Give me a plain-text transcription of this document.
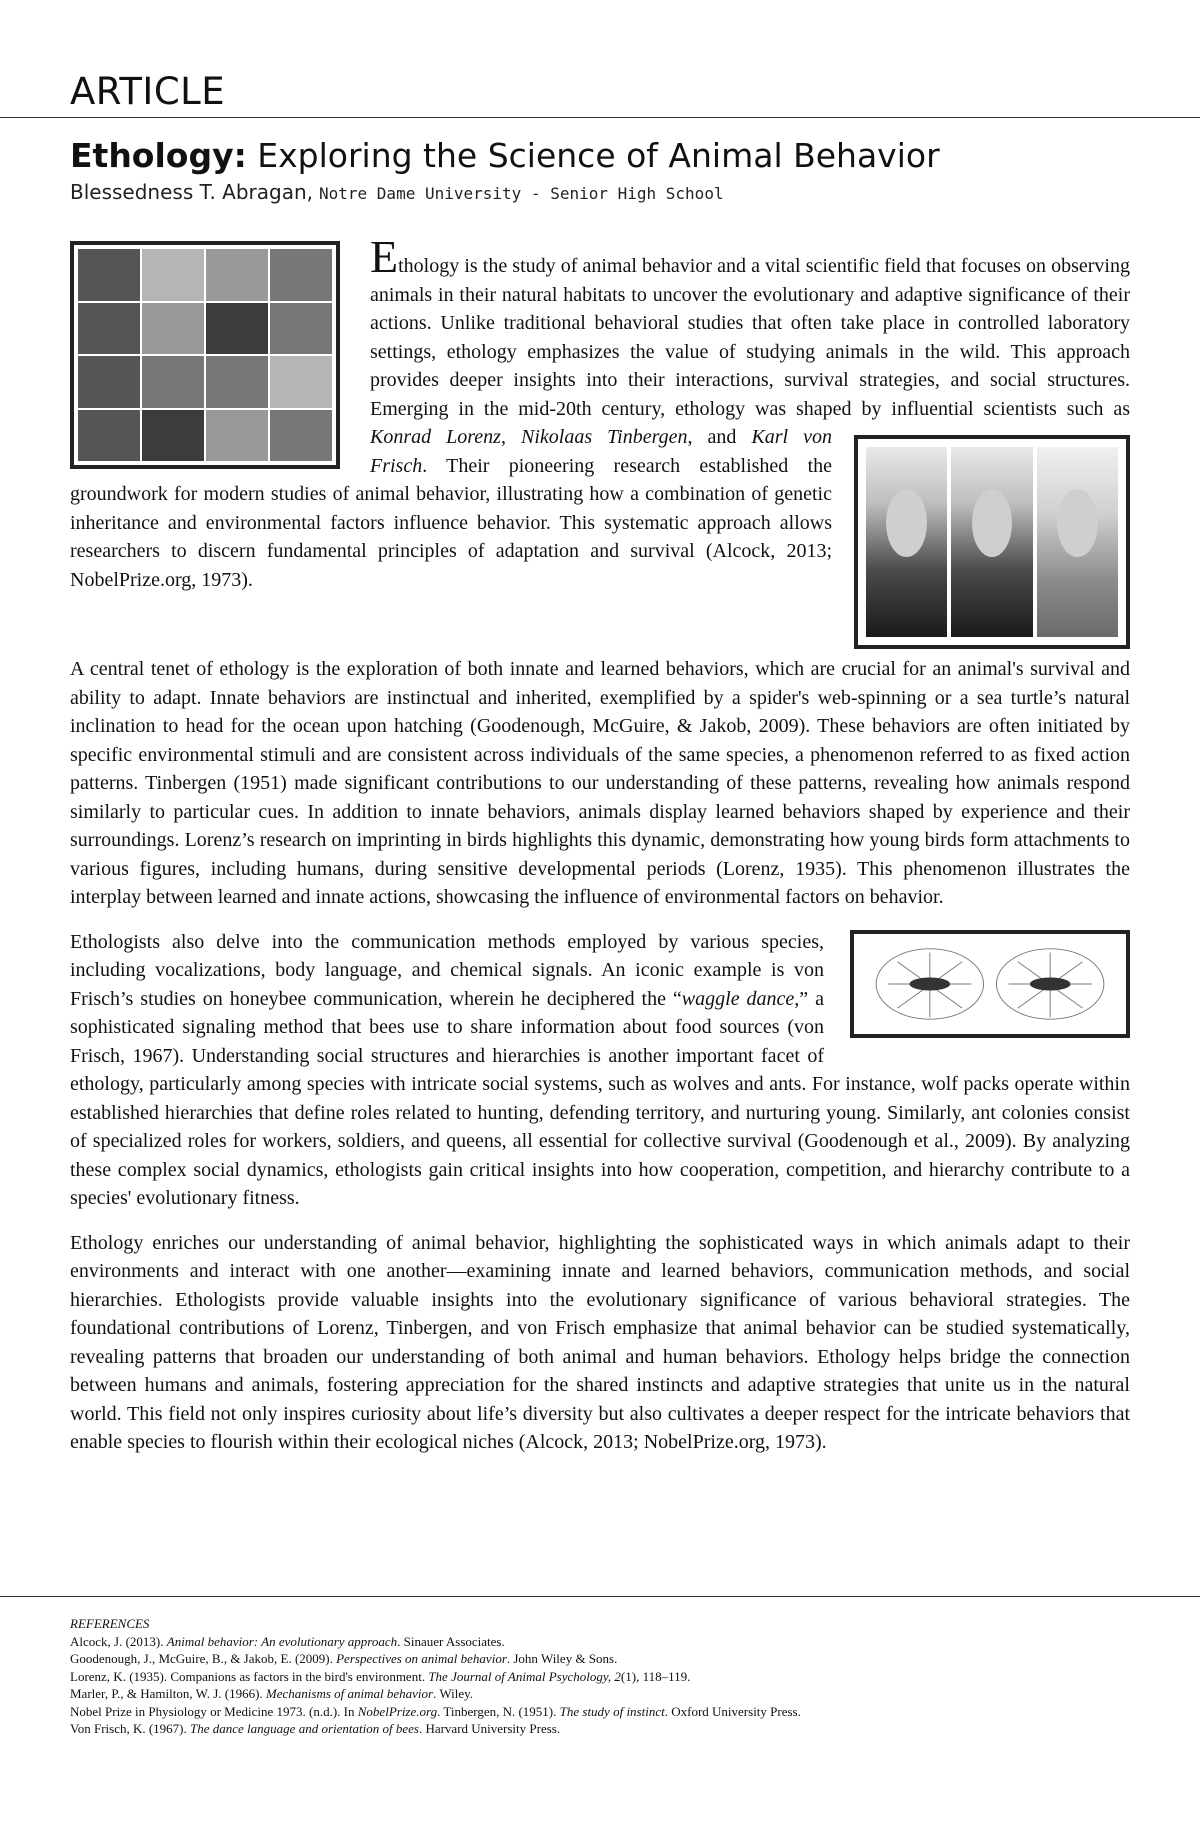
ARTICLE
Ethology: Exploring the Science of Animal Behavior
Blessedness T. Abragan, Notre Dame University - Senior High School

Ethology is the study of animal behavior and a vital scientific field that focuses on observing animals in their natural habitats to uncover the evolutionary and adaptive significance of their actions. Unlike traditional behavioral studies that often take place in controlled laboratory settings, ethology emphasizes the value of studying animals in the wild. This approach provides deeper insights into their interactions, survival strategies, and social structures. Emerging in the mid-20th century, ethology was shaped by influential scientists such as
Konrad Lorenz, Nikolaas Tinbergen, and Karl von Frisch. Their pioneering research established the groundwork for modern studies of animal behavior, illustrating how a combination of genetic inheritance and environmental factors influence behavior. This systematic approach allows researchers to discern fundamental principles of adaptation and survival (Alcock, 2013; NobelPrize.org, 1973).

A central tenet of ethology is the exploration of both innate and learned behaviors, which are crucial for an animal's survival and ability to adapt. Innate behaviors are instinctual and inherited, exemplified by a spider's web-spinning or a sea turtle’s natural inclination to head for the ocean upon hatching (Goodenough, McGuire, & Jakob, 2009). These behaviors are often initiated by specific environmental stimuli and are consistent across individuals of the same species, a phenomenon referred to as fixed action patterns. Tinbergen (1951) made significant contributions to our understanding of these patterns, revealing how animals respond similarly to particular cues. In addition to innate behaviors, animals display learned behaviors shaped by experience and their surroundings. Lorenz’s research on imprinting in birds highlights this dynamic, demonstrating how young birds form attachments to various figures, including humans, during sensitive developmental periods (Lorenz, 1935). This phenomenon illustrates the interplay between learned and innate actions, showcasing the influence of environmental factors on behavior.

Ethologists also delve into the communication methods employed by various species, including vocalizations, body language, and chemical signals. An iconic example is von Frisch’s studies on honeybee communication, wherein he deciphered the “waggle dance,” a sophisticated signaling method that bees use to share information about food sources (von Frisch, 1967). Understanding social structures and hierarchies is another important facet of ethology, particularly among species with intricate social systems, such as wolves and ants. For instance, wolf packs operate within established hierarchies that define roles related to hunting, defending territory, and nurturing young. Similarly, ant colonies consist of specialized roles for workers, soldiers, and queens, all essential for collective survival (Goodenough et al., 2009). By analyzing these complex social dynamics, ethologists gain critical insights into how cooperation, competition, and hierarchy contribute to a species' evolutionary fitness.

Ethology enriches our understanding of animal behavior, highlighting the sophisticated ways in which animals adapt to their environments and interact with one another—examining innate and learned behaviors, communication methods, and social hierarchies. Ethologists provide valuable insights into the evolutionary significance of various behavioral strategies. The foundational contributions of Lorenz, Tinbergen, and von Frisch emphasize that animal behavior can be studied systematically, revealing patterns that broaden our understanding of both animal and human behaviors. Ethology helps bridge the connection between humans and animals, fostering appreciation for the shared instincts and adaptive strategies that unite us in the natural world. This field not only inspires curiosity about life’s diversity but also cultivates a deeper respect for the intricate behaviors that enable species to flourish within their ecological niches (Alcock, 2013; NobelPrize.org, 1973).

REFERENCES
Alcock, J. (2013). Animal behavior: An evolutionary approach. Sinauer Associates.
Goodenough, J., McGuire, B., & Jakob, E. (2009). Perspectives on animal behavior. John Wiley & Sons.
Lorenz, K. (1935). Companions as factors in the bird's environment. The Journal of Animal Psychology, 2(1), 118–119.
Marler, P., & Hamilton, W. J. (1966). Mechanisms of animal behavior. Wiley.
Nobel Prize in Physiology or Medicine 1973. (n.d.). In NobelPrize.org. Tinbergen, N. (1951). The study of instinct. Oxford University Press.
Von Frisch, K. (1967). The dance language and orientation of bees. Harvard University Press.
